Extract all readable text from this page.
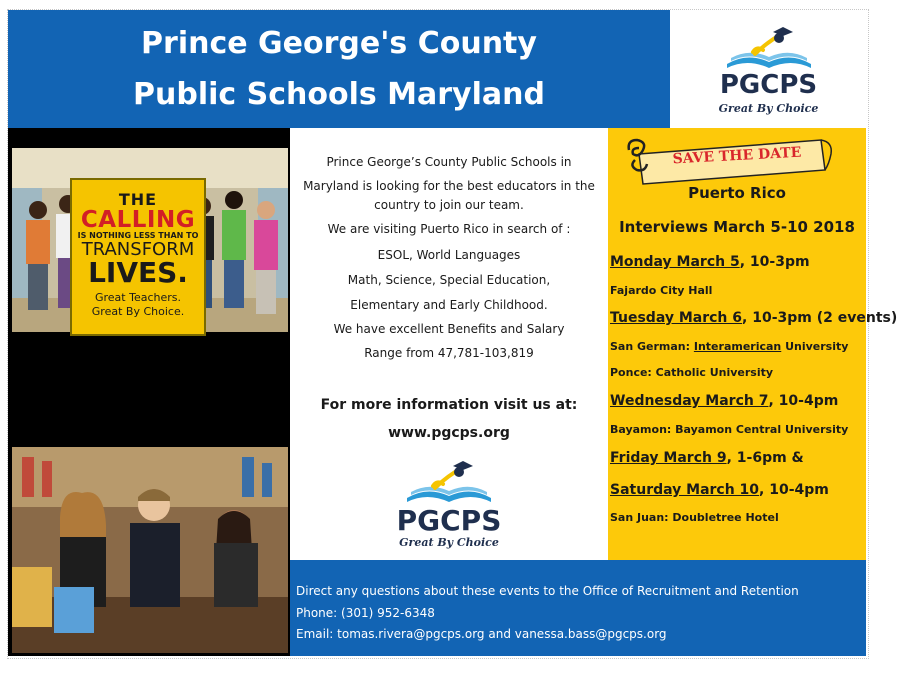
Prince George's County
Public Schools Maryland	PGCPS
Great By Choice
THE
CALLING
IS NOTHING LESS THAN TO
TRANSFORM
LIVES.
Great Teachers.
Great By Choice.
Prince George’s County Public Schools in
Maryland is looking for the best educators in the
country to join our team.
We are visiting Puerto Rico in search of :
ESOL, World Languages
Math, Science, Special Education,
Elementary and Early Childhood.
We have excellent Benefits and Salary
Range from 47,781-103,819
For more information visit us at:
www.pgcps.org
PGCPS
Great By Choice
Puerto Rico
Interviews March 5-10 2018
Monday March 5, 10-3pm
Fajardo City Hall
Tuesday March 6, 10-3pm (2 events)
San German: Interamerican University
Ponce: Catholic University
Wednesday March 7, 10-4pm
Bayamon: Bayamon Central University
Friday March 9, 1-6pm &
Saturday March 10, 10-4pm
San Juan: Doubletree Hotel
SAVE THE DATE
Direct any questions about these events to the Office of Recruitment and Retention
Phone: (301) 952-6348
Email: tomas.rivera@pgcps.org and vanessa.bass@pgcps.org
